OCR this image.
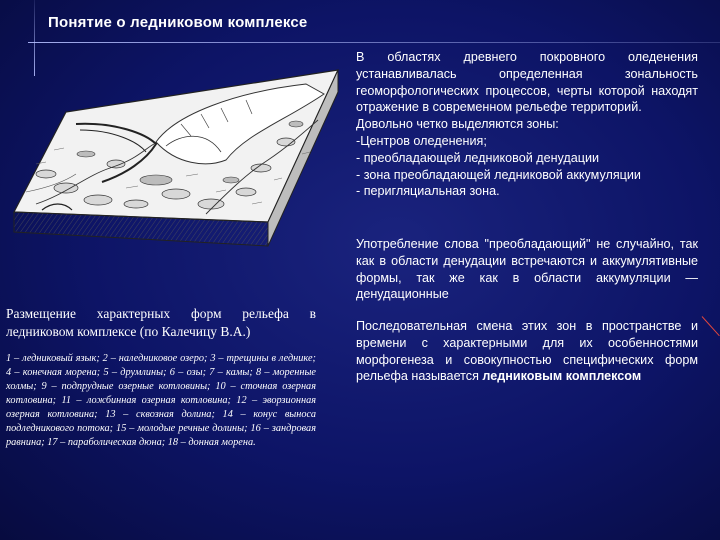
Понятие о ледниковом комплексе
Размещение характерных форм рельефа в ледниковом комплексе (по Калечицу В.А.)
1 – ледниковый язык; 2 – наледниковое озеро; 3 – трещины в леднике; 4 – конечная морена; 5 – друмлины; 6 – озы; 7 – камы; 8 – моренные холмы; 9 – подпрудные озерные котловины; 10 – сточная озерная котловина; 11 – ложбинная озерная котловина; 12 – эворзионная озерная котловина; 13 – сквозная долина; 14 – конус выноса подледникового потока; 15 – молодые речные долины; 16 – зандровая равнина; 17 – параболическая дюна; 18 – донная морена.

В областях древнего покровного оледенения устанавливалась определенная зональность геоморфологических процессов, черты которой находят отражение в современном рельефе территорий.

Довольно четко выделяются зоны:
-Центров оледенения;
- преобладающей ледниковой денудации
- зона преобладающей ледниковой аккумуляции
- перигляциальная зона.
Употребление слова "преобладающий" не случайно, так как в области денудации встречаются и аккумулятивные формы, так же как в области аккумуляции — денудационные
Последовательная смена этих зон в пространстве и времени с характерными для их особенностями морфогенеза и совокупностью специфических форм рельефа называется ледниковым комплексом
